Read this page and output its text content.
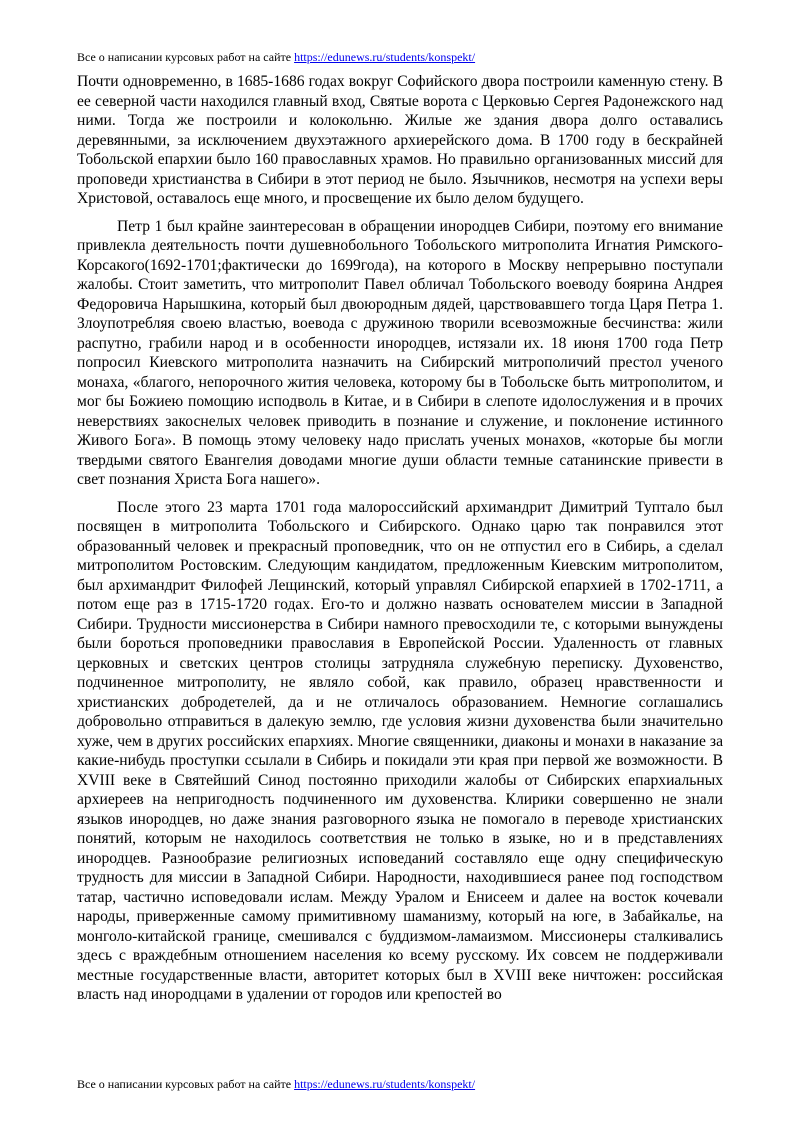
Все о написании курсовых работ на сайте https://edunews.ru/students/konspekt/

Почти одновременно, в 1685-1686 годах вокруг Софийского двора построили каменную стену. В ее северной части находился главный вход, Святые ворота с Церковью Сергея Радонежского над ними. Тогда же построили и колокольню. Жилые же здания двора долго оставались деревянными, за исключением двухэтажного архиерейского дома. В 1700 году в бескрайней Тобольской епархии было 160 православных храмов. Но правильно организованных миссий для проповеди христианства в Сибири в этот период не было. Язычников, несмотря на успехи веры Христовой, оставалось еще много, и просвещение их было делом будущего.

Петр 1 был крайне заинтересован в обращении инородцев Сибири, поэтому его внимание привлекла деятельность почти душевнобольного Тобольского митрополита Игнатия Римского-Корсакого(1692-1701;фактически до 1699года), на которого в Москву непрерывно поступали жалобы. Стоит заметить, что митрополит Павел обличал Тобольского воеводу боярина Андрея Федоровича Нарышкина, который был двоюродным дядей, царствовавшего тогда Царя Петра 1. Злоупотребляя своею властью, воевода с дружиною творили всевозможные бесчинства: жили распутно, грабили народ и в особенности инородцев, истязали их. 18 июня 1700 года Петр попросил Киевского митрополита назначить на Сибирский митрополичий престол ученого монаха, «благого, непорочного жития человека, которому бы в Тобольске быть митрополитом, и мог бы Божиею помощию исподволь в Китае, и в Сибири в слепоте идолослужения и в прочих неверствиях закоснелых человек приводить в познание и служение, и поклонение истинного Живого Бога». В помощь этому человеку надо прислать ученых монахов, «которые бы могли твердыми святого Евангелия доводами многие души области темные сатанинские привести в свет познания Христа Бога нашего».

После этого 23 марта 1701 года малороссийский архимандрит Димитрий Туптало был посвящен в митрополита Тобольского и Сибирского. Однако царю так понравился этот образованный человек и прекрасный проповедник, что он не отпустил его в Сибирь, а сделал митрополитом Ростовским. Следующим кандидатом, предложенным Киевским митрополитом, был архимандрит Филофей Лещинский, который управлял Сибирской епархией в 1702-1711, а потом еще раз в 1715-1720 годах. Его-то и должно назвать основателем миссии в Западной Сибири. Трудности миссионерства в Сибири намного превосходили те, с которыми вынуждены были бороться проповедники православия в Европейской России. Удаленность от главных церковных и светских центров столицы затрудняла служебную переписку. Духовенство, подчиненное митрополиту, не являло собой, как правило, образец нравственности и христианских добродетелей, да и не отличалось образованием. Немногие соглашались добровольно отправиться в далекую землю, где условия жизни духовенства были значительно хуже, чем в других российских епархиях. Многие священники, диаконы и монахи в наказание за какие-нибудь проступки ссылали в Сибирь и покидали эти края при первой же возможности. В XVIII веке в Святейший Синод постоянно приходили жалобы от Сибирских епархиальных архиереев на непригодность подчиненного им духовенства. Клирики совершенно не знали языков инородцев, но даже знания разговорного языка не помогало в переводе христианских понятий, которым не находилось соответствия не только в языке, но и в представлениях инородцев. Разнообразие религиозных исповеданий составляло еще одну специфическую трудность для миссии в Западной Сибири. Народности, находившиеся ранее под господством татар, частично исповедовали ислам. Между Уралом и Енисеем и далее на восток кочевали народы, приверженные самому примитивному шаманизму, который на юге, в Забайкалье, на монголо-китайской границе, смешивался с буддизмом-ламаизмом. Миссионеры сталкивались здесь с враждебным отношением населения ко всему русскому. Их совсем не поддерживали местные государственные власти, авторитет которых был в XVIII веке ничтожен: российская власть над инородцами в удалении от городов или крепостей во

Все о написании курсовых работ на сайте https://edunews.ru/students/konspekt/
